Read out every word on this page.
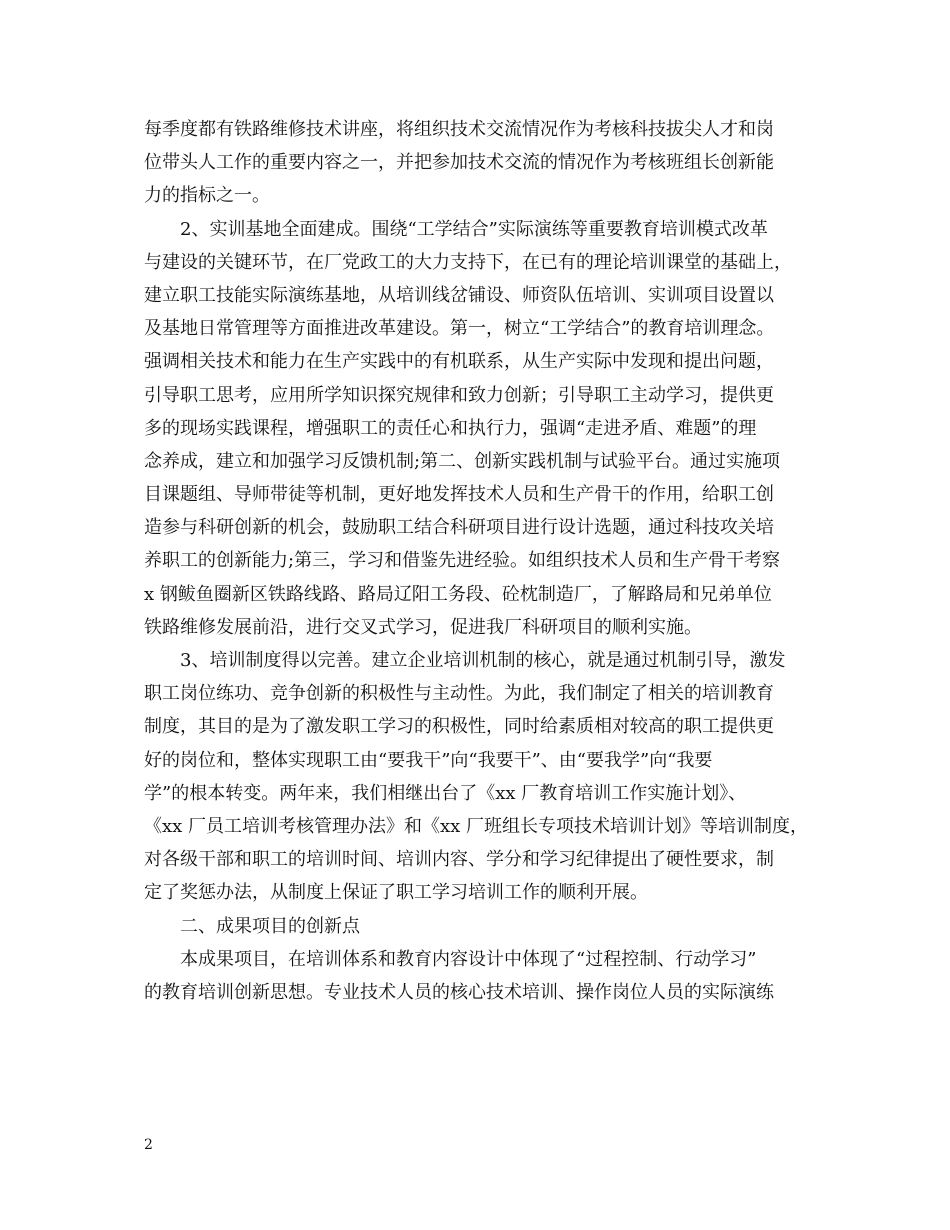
每季度都有铁路维修技术讲座，将组织技术交流情况作为考核科技拔尖人才和岗
位带头人工作的重要内容之一，并把参加技术交流的情况作为考核班组长创新能
力的指标之一。
2、实训基地全面建成。围绕“工学结合”实际演练等重要教育培训模式改革
与建设的关键环节，在厂党政工的大力支持下，在已有的理论培训课堂的基础上，
建立职工技能实际演练基地，从培训线岔铺设、师资队伍培训、实训项目设置以
及基地日常管理等方面推进改革建设。第一，树立“工学结合”的教育培训理念。
强调相关技术和能力在生产实践中的有机联系，从生产实际中发现和提出问题，
引导职工思考，应用所学知识探究规律和致力创新；引导职工主动学习，提供更
多的现场实践课程，增强职工的责任心和执行力，强调“走进矛盾、难题”的理
念养成，建立和加强学习反馈机制;第二、创新实践机制与试验平台。通过实施项
目课题组、导师带徒等机制，更好地发挥技术人员和生产骨干的作用，给职工创
造参与科研创新的机会，鼓励职工结合科研项目进行设计选题，通过科技攻关培
养职工的创新能力;第三，学习和借鉴先进经验。如组织技术人员和生产骨干考察
x 钢鲅鱼圈新区铁路线路、路局辽阳工务段、砼枕制造厂，了解路局和兄弟单位
铁路维修发展前沿，进行交叉式学习，促进我厂科研项目的顺利实施。
3、培训制度得以完善。建立企业培训机制的核心，就是通过机制引导，激发
职工岗位练功、竞争创新的积极性与主动性。为此，我们制定了相关的培训教育
制度，其目的是为了激发职工学习的积极性，同时给素质相对较高的职工提供更
好的岗位和，整体实现职工由“要我干”向“我要干”、由“要我学”向“我要
学”的根本转变。两年来，我们相继出台了《xx 厂教育培训工作实施计划》、
《xx 厂员工培训考核管理办法》和《xx 厂班组长专项技术培训计划》等培训制度，
对各级干部和职工的培训时间、培训内容、学分和学习纪律提出了硬性要求，制
定了奖惩办法，从制度上保证了职工学习培训工作的顺利开展。
二、成果项目的创新点
本成果项目，在培训体系和教育内容设计中体现了“过程控制、行动学习”
的教育培训创新思想。专业技术人员的核心技术培训、操作岗位人员的实际演练
2
